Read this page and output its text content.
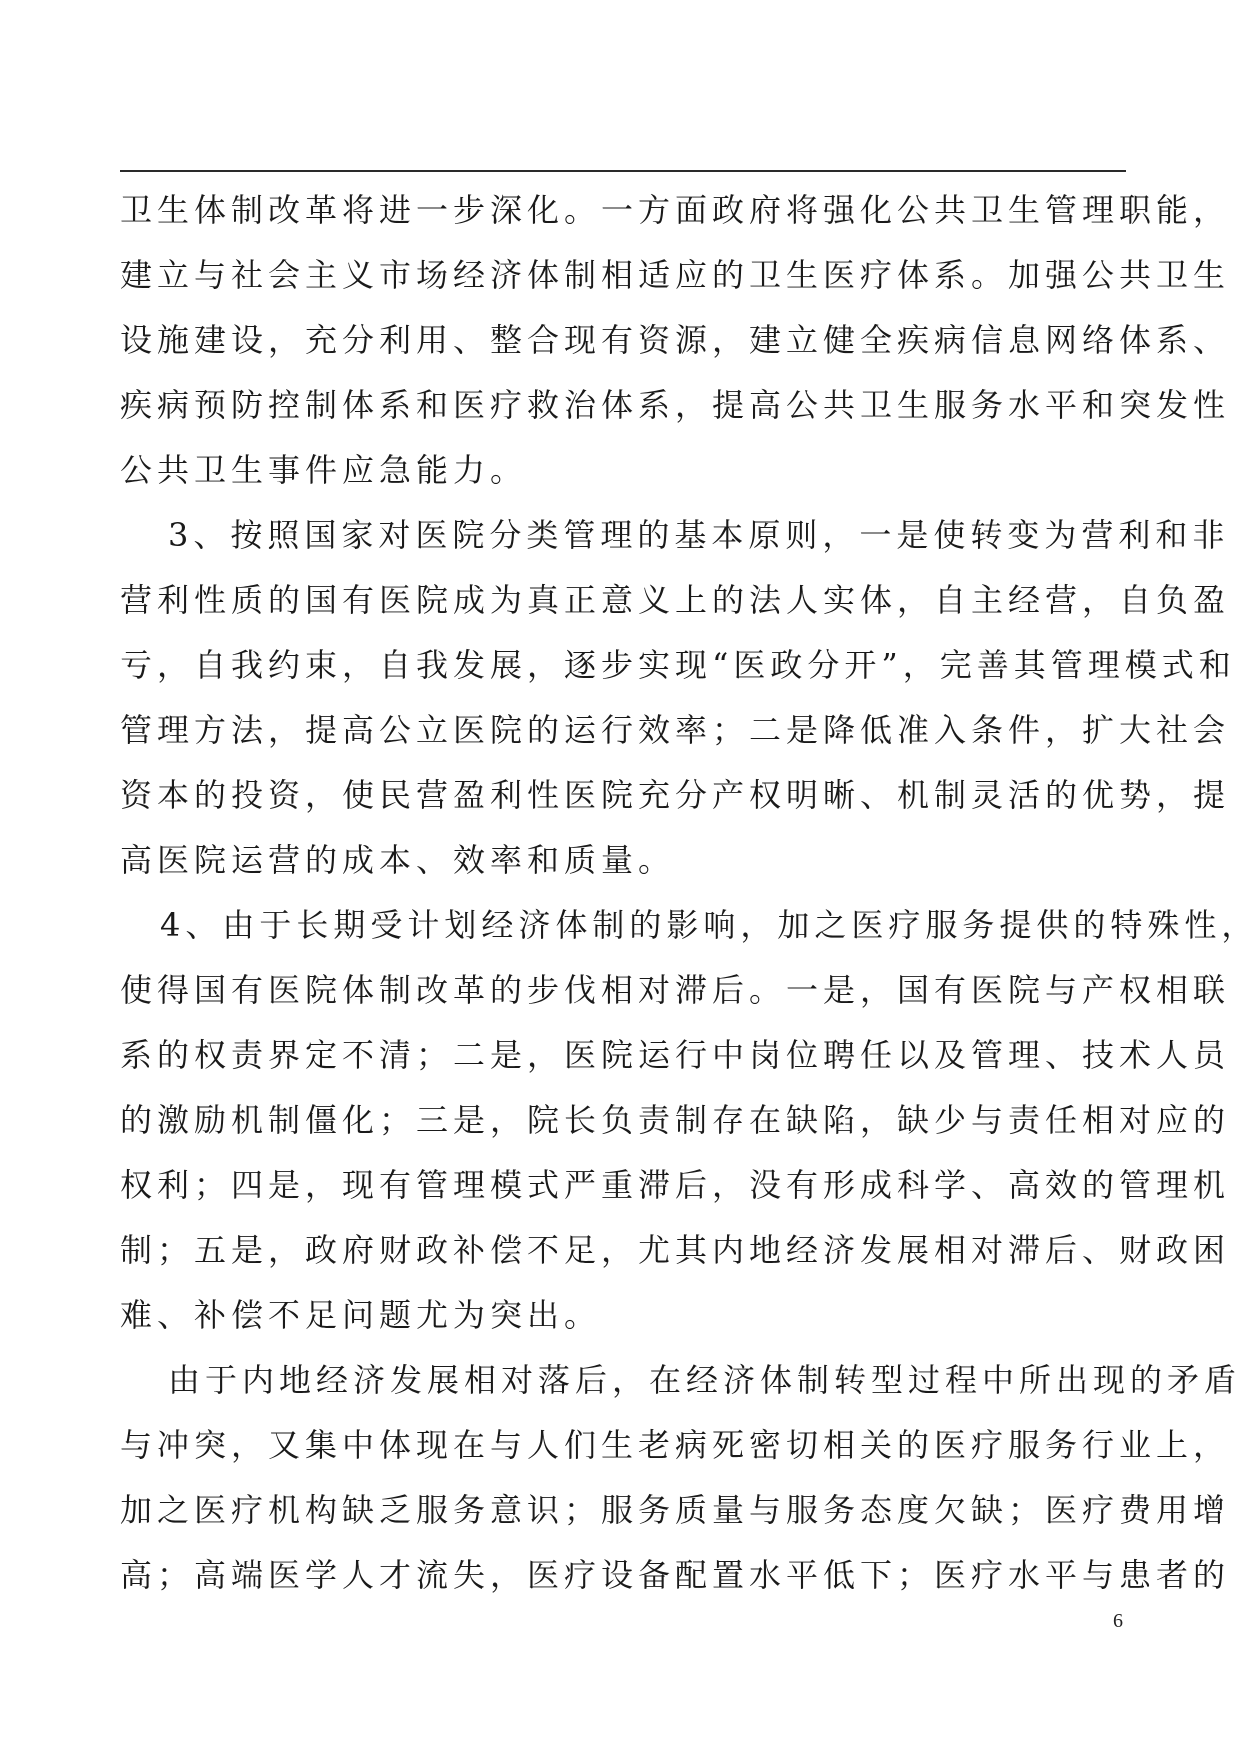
卫生体制改革将进一步深化。一方面政府将强化公共卫生管理职能，
建立与社会主义市场经济体制相适应的卫生医疗体系。加强公共卫生
设施建设，充分利用、整合现有资源，建立健全疾病信息网络体系、
疾病预防控制体系和医疗救治体系，提高公共卫生服务水平和突发性
公共卫生事件应急能力。
3、按照国家对医院分类管理的基本原则，一是使转变为营利和非
营利性质的国有医院成为真正意义上的法人实体，自主经营，自负盈
亏，自我约束，自我发展，逐步实现“医政分开”，完善其管理模式和
管理方法，提高公立医院的运行效率；二是降低准入条件，扩大社会
资本的投资，使民营盈利性医院充分产权明晰、机制灵活的优势，提
高医院运营的成本、效率和质量。
4、由于长期受计划经济体制的影响，加之医疗服务提供的特殊性，
使得国有医院体制改革的步伐相对滞后。一是，国有医院与产权相联
系的权责界定不清；二是，医院运行中岗位聘任以及管理、技术人员
的激励机制僵化；三是，院长负责制存在缺陷，缺少与责任相对应的
权利；四是，现有管理模式严重滞后，没有形成科学、高效的管理机
制；五是，政府财政补偿不足，尤其内地经济发展相对滞后、财政困
难、补偿不足问题尤为突出。
由于内地经济发展相对落后，在经济体制转型过程中所出现的矛盾
与冲突，又集中体现在与人们生老病死密切相关的医疗服务行业上，
加之医疗机构缺乏服务意识；服务质量与服务态度欠缺；医疗费用增
高；高端医学人才流失，医疗设备配置水平低下；医疗水平与患者的
6
